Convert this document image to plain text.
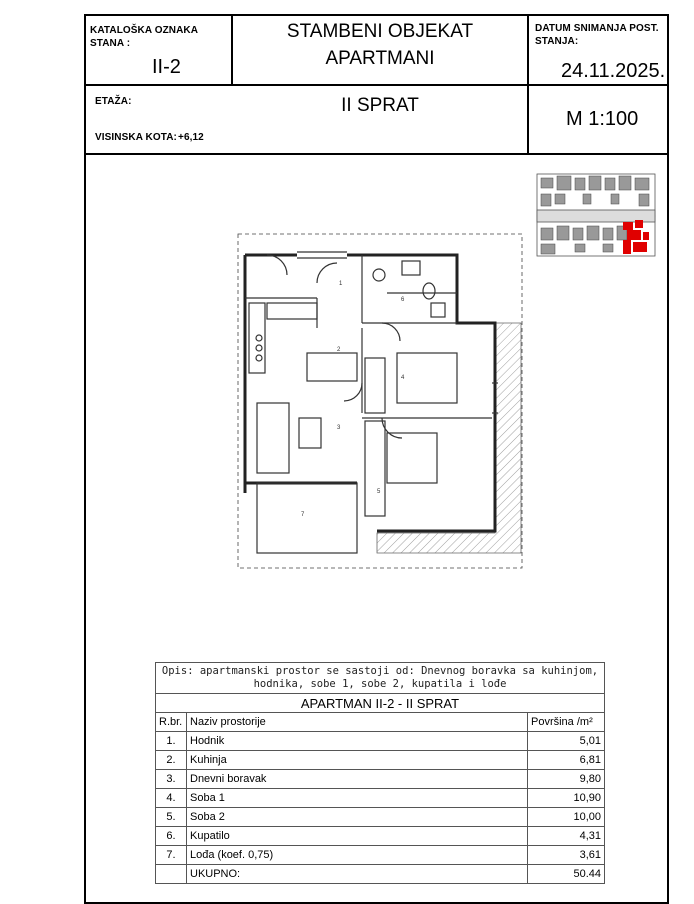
KATALOŠKA OZNAKA STANA :
II-2
STAMBENI OBJEKAT
APARTMANI
DATUM SNIMANJA POST. STANJA:
24.11.2025.
ETAŽA:	II SPRAT
VISINSKA KOTA: +6,12
M 1:100
1
2
3
4
5
6
7
Opis: apartmanski prostor se sastoji od: Dnevnog boravka sa kuhinjom, hodnika, sobe 1, sobe 2, kupatila i lođe		
APARTMAN II-2 - II SPRAT		
R.br.	Naziv prostorije	Površina /m²
1.	Hodnik	5,01
2.	Kuhinja	6,81
3.	Dnevni boravak	9,80
4.	Soba 1	10,90
5.	Soba 2	10,00
6.	Kupatilo	4,31
7.	Lođa (koef. 0,75)	3,61
	UKUPNO:	50.44
